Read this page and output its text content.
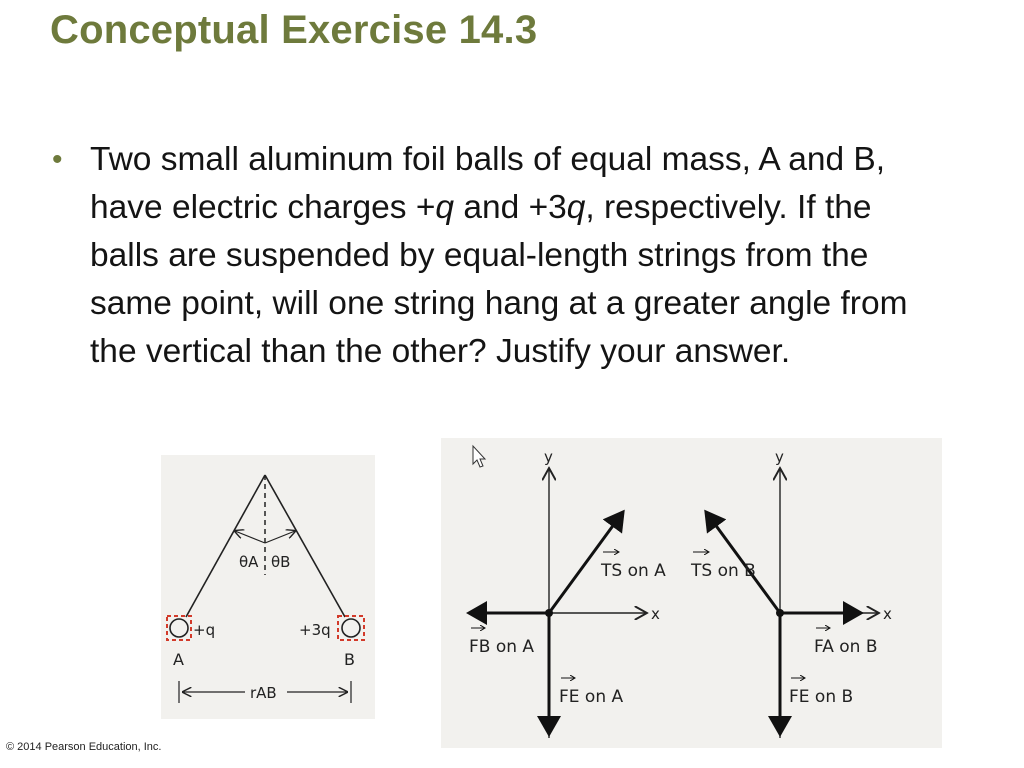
Conceptual Exercise 14.3
• Two small aluminum foil balls of equal mass, A and B, have electric charges +q and +3q, respectively. If the balls are suspended by equal-length strings from the same point, will one string hang at a greater angle from the vertical than the other? Justify your answer.
θA θB
+q
A
+3q
B
rAB
y
x
TS on A
FB on A
FE on A
y
x
TS on B
FA on B
FE on B
© 2014 Pearson Education, Inc.
